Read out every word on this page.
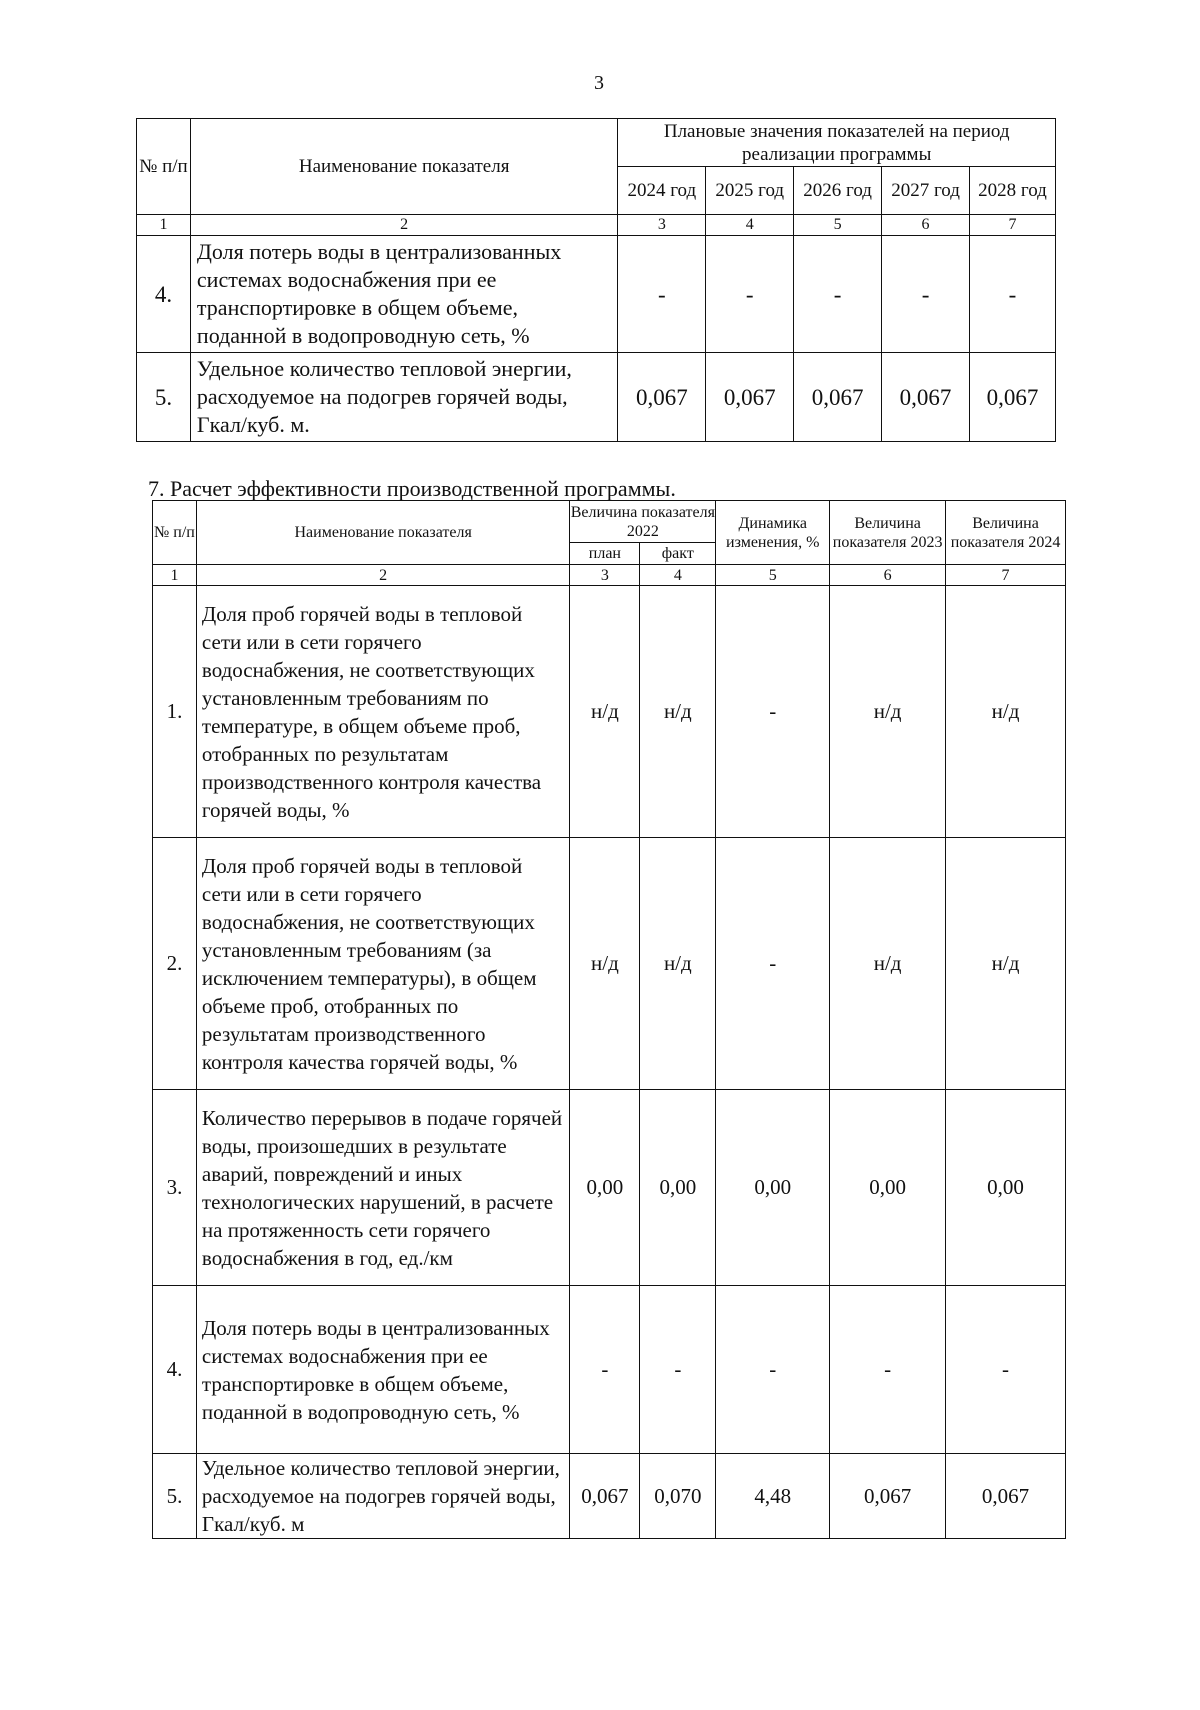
3
№ п/п	Наименование показателя	Плановые значения показателей на период реализации программы				
		2024 год	2025 год	2026 год	2027 год	2028 год
1	2	3	4	5	6	7
4.	Доля потерь воды в централизованных системах водоснабжения при ее транспортировке в общем объеме, поданной в водопроводную сеть, %	-	-	-	-	-
5.	Удельное количество тепловой энергии, расходуемое на подогрев горячей воды, Гкал/куб. м.	0,067	0,067	0,067	0,067	0,067
7. Расчет эффективности производственной программы.
№ п/п	Наименование показателя	Величина показателя 2022		Динамика изменения, %	Величина показателя 2023	Величина показателя 2024
		план	факт			
1	2	3	4	5	6	7
1.	Доля проб горячей воды в тепловой сети или в сети горячего водоснабжения, не соответствующих установленным требованиям по температуре, в общем объеме проб, отобранных по результатам производственного контроля качества горячей воды, %	н/д	н/д	-	н/д	н/д
2.	Доля проб горячей воды в тепловой сети или в сети горячего водоснабжения, не соответствующих установленным требованиям (за исключением температуры), в общем объеме проб, отобранных по результатам производственного контроля качества горячей воды, %	н/д	н/д	-	н/д	н/д
3.	Количество перерывов в подаче горячей воды, произошедших в результате аварий, повреждений и иных технологических нарушений, в расчете на протяженность сети горячего водоснабжения в год, ед./км	0,00	0,00	0,00	0,00	0,00
4.	Доля потерь воды в централизованных системах водоснабжения при ее транспортировке в общем объеме, поданной в водопроводную сеть, %	-	-	-	-	-
5.	Удельное количество тепловой энергии, расходуемое на подогрев горячей воды, Гкал/куб. м	0,067	0,070	4,48	0,067	0,067
